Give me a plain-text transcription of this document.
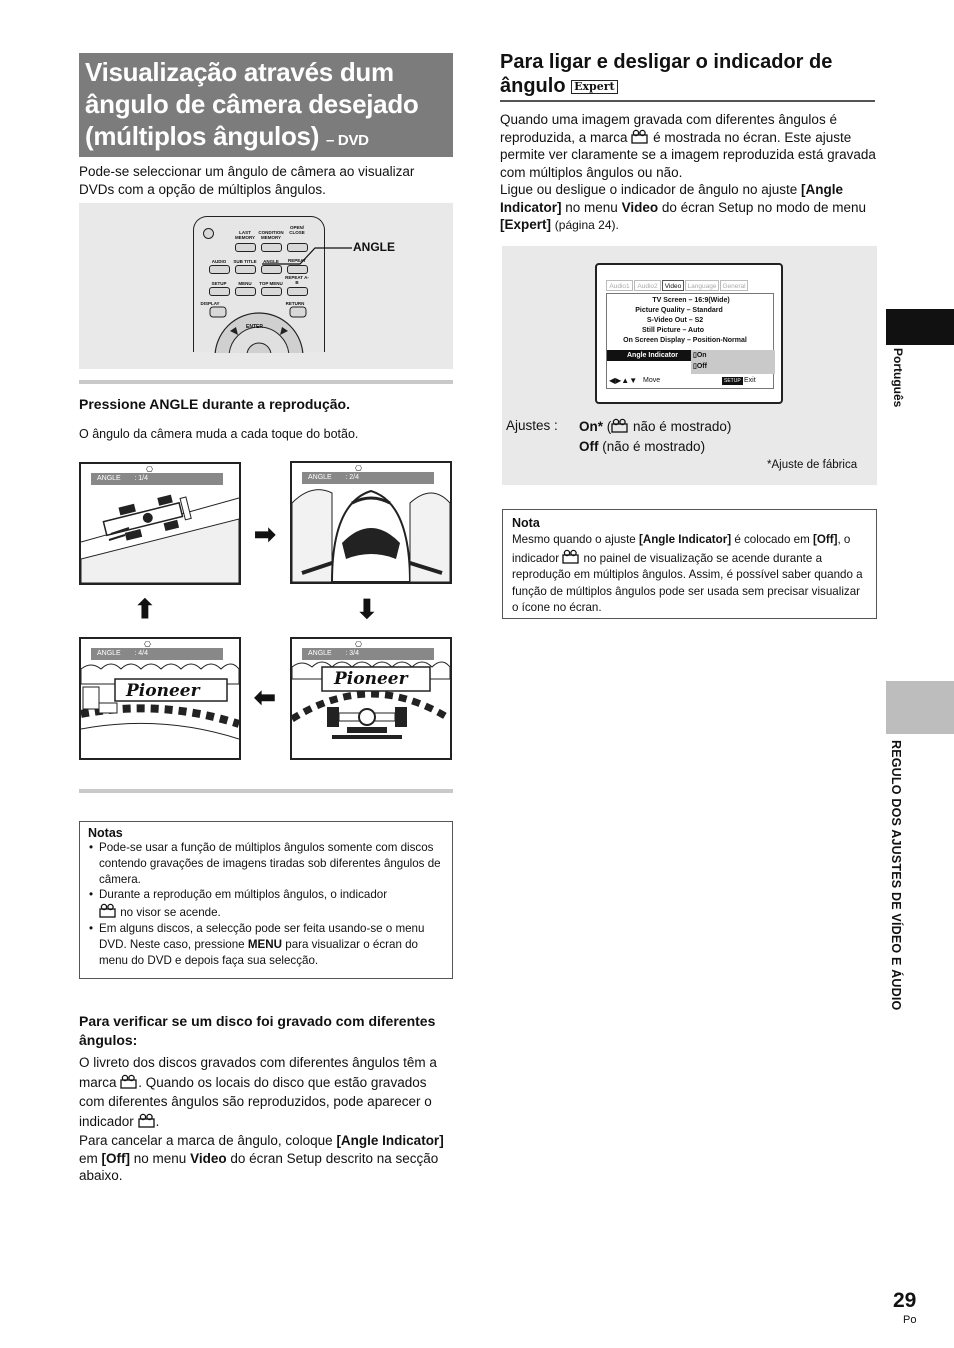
Visualização através dum
ângulo de câmera desejado
(múltiplos ângulos) – DVD
Pode-se seleccionar um ângulo de câmera ao visualizar DVDs com a opção de múltiplos ângulos.
LAST MEMORY
CONDITION MEMORY
OPEN/ CLOSE
AUDIO	SUB TITLE	ANGLE	REPEAT
SETUP	MENU	TOP MENU
REPEAT A-B
DISPLAY	RETURN
ENTER
ANGLE
Pressione ANGLE durante a reprodução.
O ângulo da câmera muda a cada toque do botão.
ANGLE : 1/4
⎔
➡
ANGLE : 2/4
⎔
⬆	⬇
Pioneer
ANGLE : 4/4
⎔
⬅
Pioneer
ANGLE : 3/4
⎔
Notas
• Pode-se usar a função de múltiplos ângulos somente com discos contendo gravações de imagens tiradas sob diferentes ângulos de câmera.
• Durante a reprodução em múltiplos ângulos, o indicador
no visor se acende.
• Em alguns discos, a selecção pode ser feita usando-se o menu DVD. Neste caso, pressione MENU para visualizar o écran do menu do DVD e depois faça sua selecção.
Para verificar se um disco foi gravado com diferentes ângulos:
O livreto dos discos gravados com diferentes ângulos têm a marca . Quando os locais do disco que estão gravados com diferentes ângulos são reproduzidos, pode aparecer o indicador .
Para cancelar a marca de ângulo, coloque [Angle Indicator] em [Off] no menu Video do écran Setup descrito na secção abaixo.
Para ligar e desligar o indicador de
ângulo Expert
Quando uma imagem gravada com diferentes ângulos é reproduzida, a marca é mostrada no écran. Este ajuste permite ver claramente se a imagem reproduzida está gravada com múltiplos ângulos ou não.
Ligue ou desligue o indicador de ângulo no ajuste [Angle Indicator] no menu Video do écran Setup no modo de menu [Expert] (página 24).
Audio1	Audio2	Video Language General
TV Screen – 16:9(Wide)
Picture Quality – Standard
S-Video Out – S2
Still Picture – Auto
On Screen Display – Position-Normal
Angle Indicator	▯On
▯Off
◀▶▲▼ Move	SETUP Exit
Ajustes : On* ( não é mostrado)
Off (não é mostrado)
*Ajuste de fábrica
Nota
Mesmo quando o ajuste [Angle Indicator] é colocado em [Off], o indicador no painel de visualização se acende durante a reprodução em múltiplos ângulos. Assim, é possível saber quando a função de múltiplos ângulos pode ser usada sem precisar visualizar o ícone no écran.
Português
REGULO DOS AJUSTES DE VÍDEO E ÁUDIO
29
Po
